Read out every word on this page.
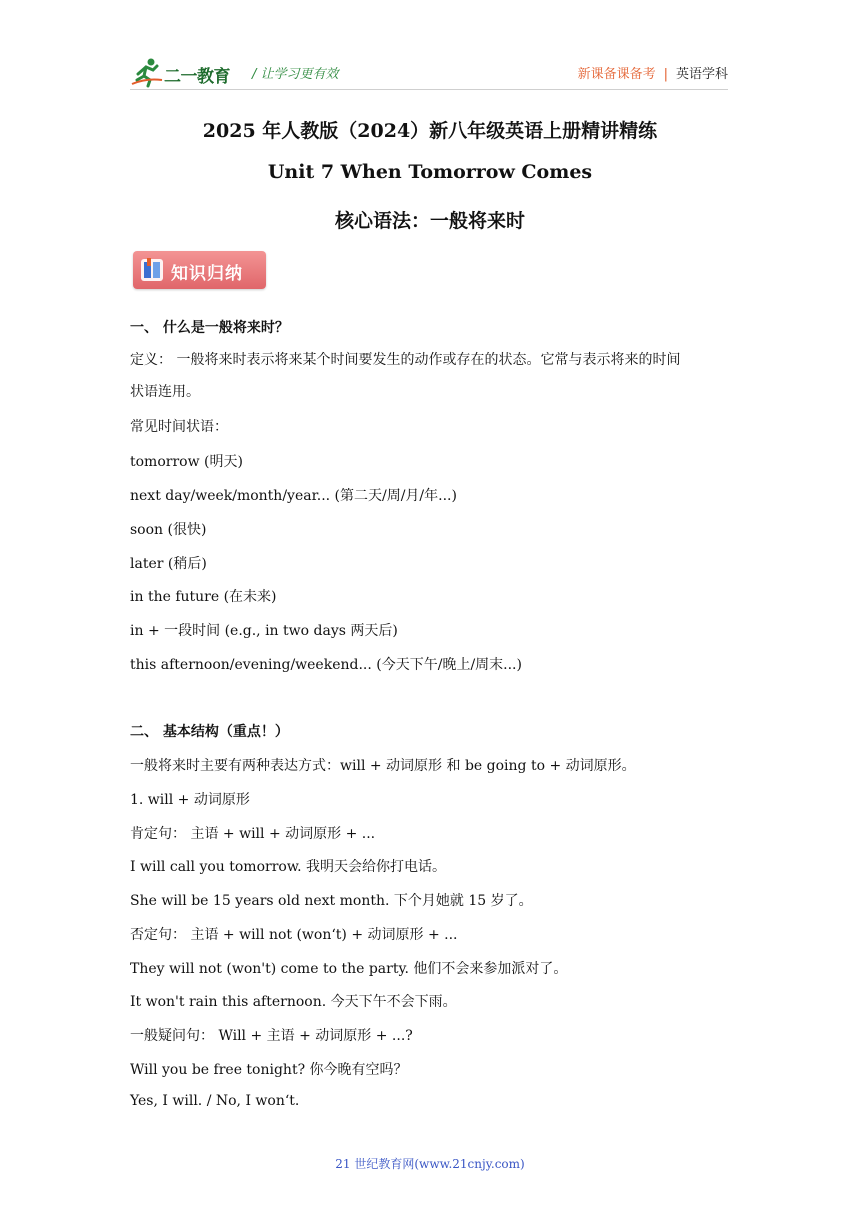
二一教育 / 让学习更有效	新课备课备考 | 英语学科
2025 年人教版（2024）新八年级英语上册精讲精练
Unit 7 When Tomorrow Comes
核心语法：一般将来时
知识归纳
一、 什么是一般将来时？
定义： 一般将来时表示将来某个时间要发生的动作或存在的状态。它常与表示将来的时间
状语连用。
常见时间状语：
tomorrow (明天)
next day/week/month/year... (第二天/周/月/年...)
soon (很快)
later (稍后)
in the future (在未来)
in + 一段时间 (e.g., in two days 两天后)
this afternoon/evening/weekend... (今天下午/晚上/周末...)
二、 基本结构（重点！）
一般将来时主要有两种表达方式：will + 动词原形 和 be going to + 动词原形。
1. will + 动词原形
肯定句： 主语 + will + 动词原形 + ...
I will call you tomorrow. 我明天会给你打电话。
She will be 15 years old next month. 下个月她就 15 岁了。
否定句： 主语 + will not (won‘t) + 动词原形 + ...
They will not (won't) come to the party. 他们不会来参加派对了。
It won't rain this afternoon. 今天下午不会下雨。
一般疑问句： Will + 主语 + 动词原形 + ...?
Will you be free tonight? 你今晚有空吗？
Yes, I will. / No, I won‘t.
21 世纪教育网(www.21cnjy.com)
